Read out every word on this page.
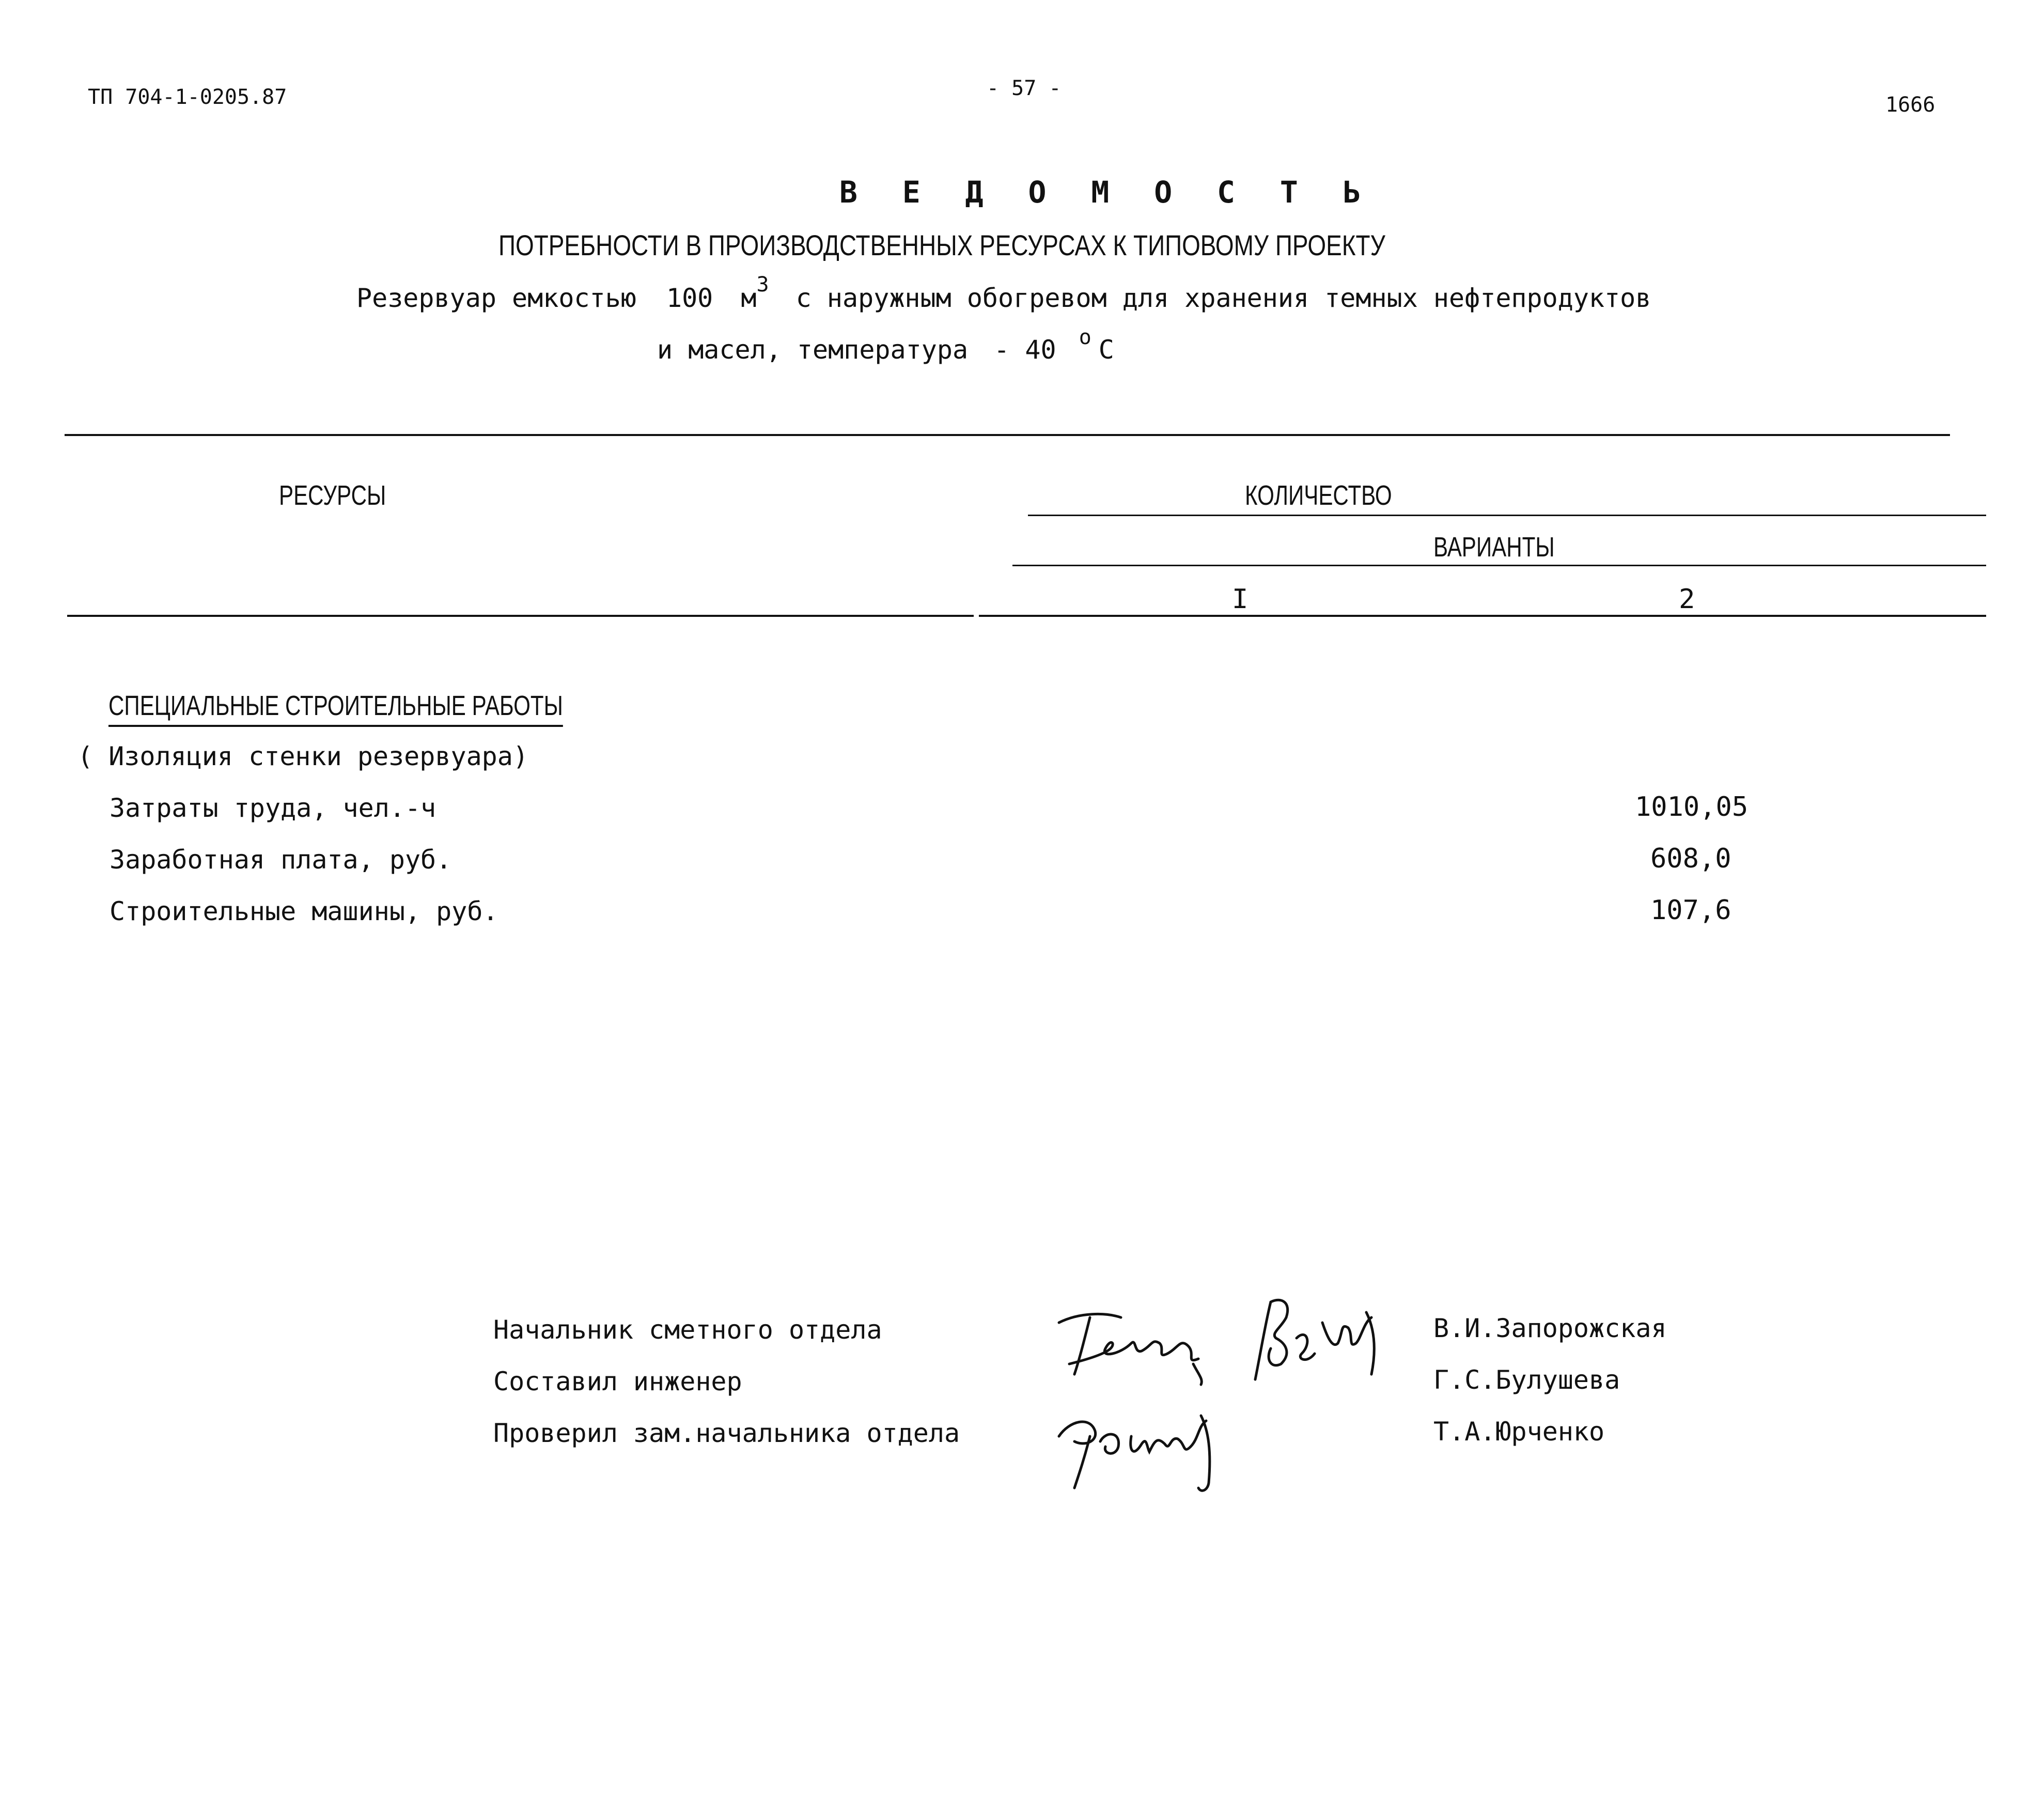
ТП 704-1-0205.87	- 57 -
1666
В Е Д О М О С Т Ь
ПОТРЕБНОСТИ В ПРОИЗВОДСТВЕННЫХ РЕСУРСАХ К ТИПОВОМУ ПРОЕКТУ
Резервуар емкостью 100 $м^3$ с наружным обогревом для хранения темных нефтепродуктов
и масел, температура - 40 $^о$ С
РЕСУРСЫ	КОЛИЧЕСТВО
ВАРИАНТЫ
I	2
СПЕЦИАЛЬНЫЕ СТРОИТЕЛЬНЫЕ РАБОТЫ
( Изоляция стенки резервуара)
Затраты труда, чел.-ч	1010,05
Заработная плата, руб.	608,0
Строительные машины, руб.	107,6
Начальник сметного отдела	В.И.Запорожская
Составил инженер	Г.С.Булушева
Проверил зам.начальника отдела	Т.А.Юрченко
